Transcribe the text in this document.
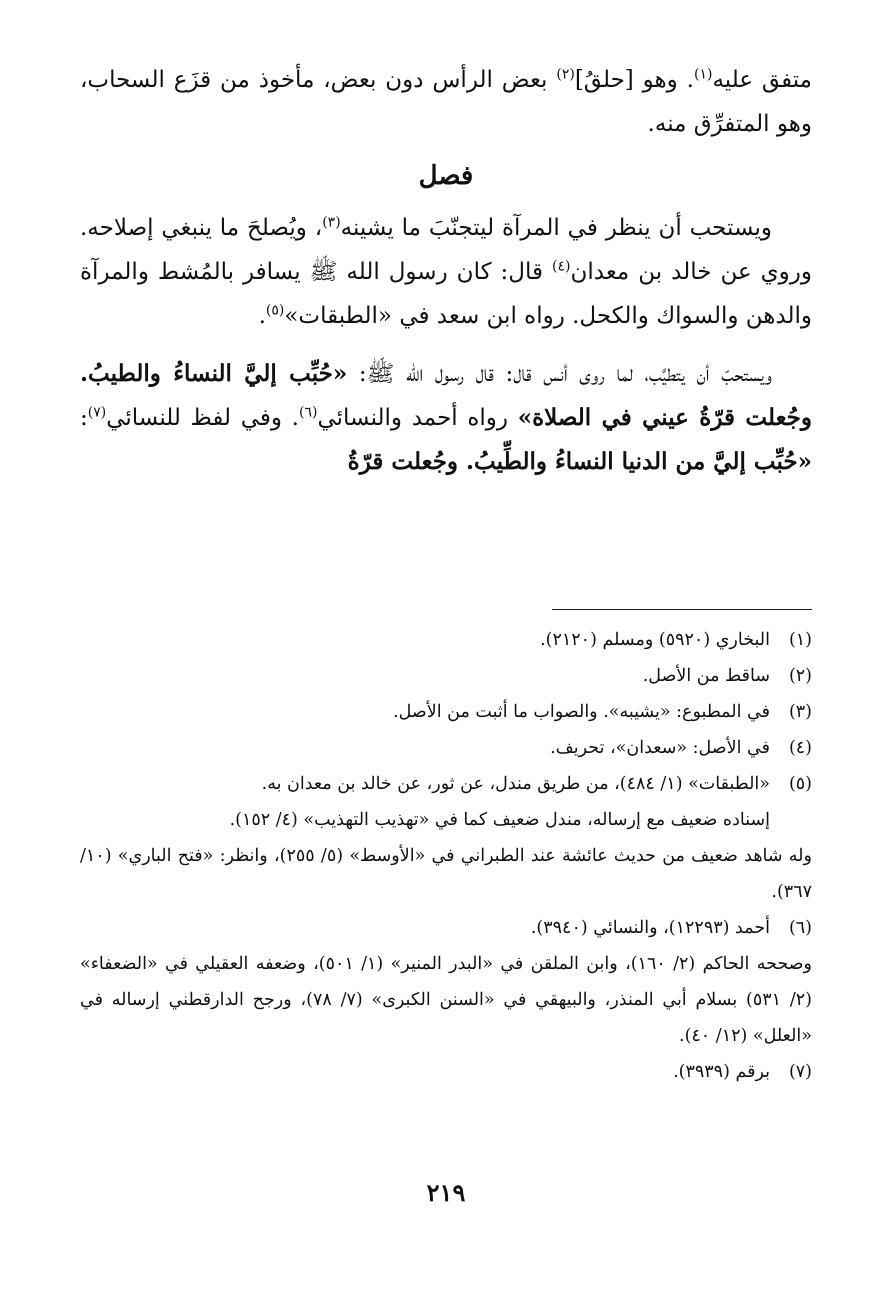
متفق عليه$^{(١)}$. وهو [حلقُ]$^{(٢)}$ بعض الرأس دون بعض، مأخوذ من قزَع السحاب، وهو المتفرِّق منه.

فصل

ويستحب أن ينظر في المرآة ليتجنّبَ ما يشينه$^{(٣)}$، ويُصلحَ ما ينبغي إصلاحه. وروي عن خالد بن معدان$^{(٤)}$ قال: كان رسول الله ﷺ يسافر بالمُشط والمرآة والدهن والسواك والكحل. رواه ابن سعد في «الطبقات»$^{(٥)}$.

ويستحبّ أن يتطيَّب، لما روى أنس قال: قال رسول الله ﷺ: «حُبِّب إليَّ النساءُ والطيبُ. وجُعلت قرّةُ عيني في الصلاة» رواه أحمد والنسائي$^{(٦)}$. وفي لفظ للنسائي$^{(٧)}$: «حُبِّب إليَّ من الدنيا النساءُ والطِّيبُ. وجُعلت قرّةُ

(١)
البخاري (٥٩٢٠) ومسلم (٢١٢٠).
(٢)
ساقط من الأصل.
(٣)
في المطبوع: «يشيبه». والصواب ما أثبت من الأصل.
(٤)
في الأصل: «سعدان»، تحريف.
(٥)
«الطبقات» (١/ ٤٨٤)، من طريق مندل، عن ثور، عن خالد بن معدان به.
إسناده ضعيف مع إرساله، مندل ضعيف كما في «تهذيب التهذيب» (٤/ ١٥٢).
وله شاهد ضعيف من حديث عائشة عند الطبراني في «الأوسط» (٥/ ٢٥٥)، وانظر: «فتح الباري» (١٠/ ٣٦٧).
(٦)
أحمد (١٢٢٩٣)، والنسائي (٣٩٤٠).
وصححه الحاكم (٢/ ١٦٠)، وابن الملقن في «البدر المنير» (١/ ٥٠١)، وضعفه العقيلي في «الضعفاء» (٢/ ٥٣١) بسلام أبي المنذر، والبيهقي في «السنن الكبرى» (٧/ ٧٨)، ورجح الدارقطني إرساله في «العلل» (١٢/ ٤٠).
(٧)
برقم (٣٩٣٩).
٢١٩
